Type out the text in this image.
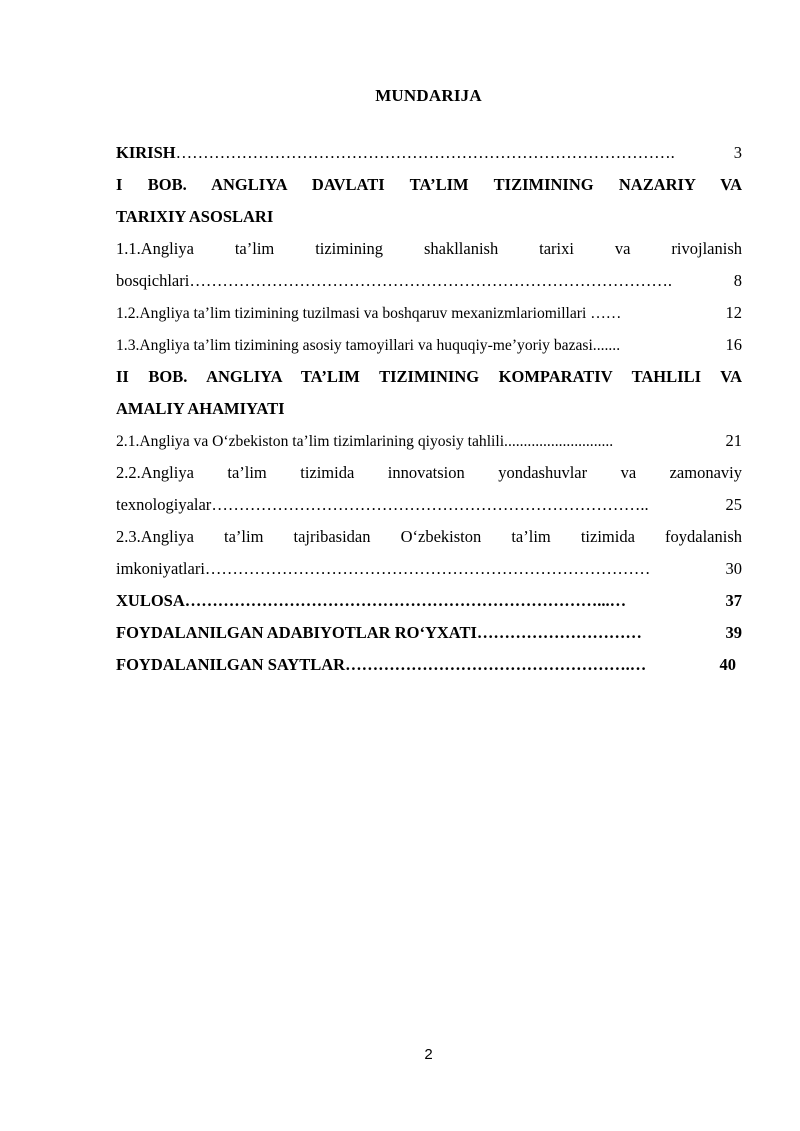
MUNDARIJA
KIRISH ……………………………………………………………………………….	3
I BOB. ANGLIYA DAVLATI TA’LIM TIZIMINING NAZARIY VA
TARIXIY ASOSLARI
1.1.Angliya ta’lim tizimining shakllanish tarixi va rivojlanish
bosqichlari …………………………………………………………………………….	8
1.2.Angliya ta’lim tizimining tuzilmasi va boshqaruv mexanizmlariomillari ……	12
1.3.Angliya ta’lim tizimining asosiy tamoyillari va huquqiy-me’yoriy bazasi.......	16
II BOB. ANGLIYA TA’LIM TIZIMINING KOMPARATIV TAHLILI VA
AMALIY AHAMIYATI
2.1.Angliya va O‘zbekiston ta’lim tizimlarining qiyosiy tahlili............................	21
2.2.Angliya ta’lim tizimida innovatsion yondashuvlar va zamonaviy
texnologiyalar ……………………………………………………………………..	25
2.3.Angliya ta’lim tajribasidan O‘zbekiston ta’lim tizimida foydalanish
imkoniyatlari ………………………………………………………………………	30
XULOSA …………………………………………………………………...…	37
FOYDALANILGAN ADABIYOTLAR RO‘YXATI …………………………	39
FOYDALANILGAN SAYTLAR …………………………………………….…	40
2
